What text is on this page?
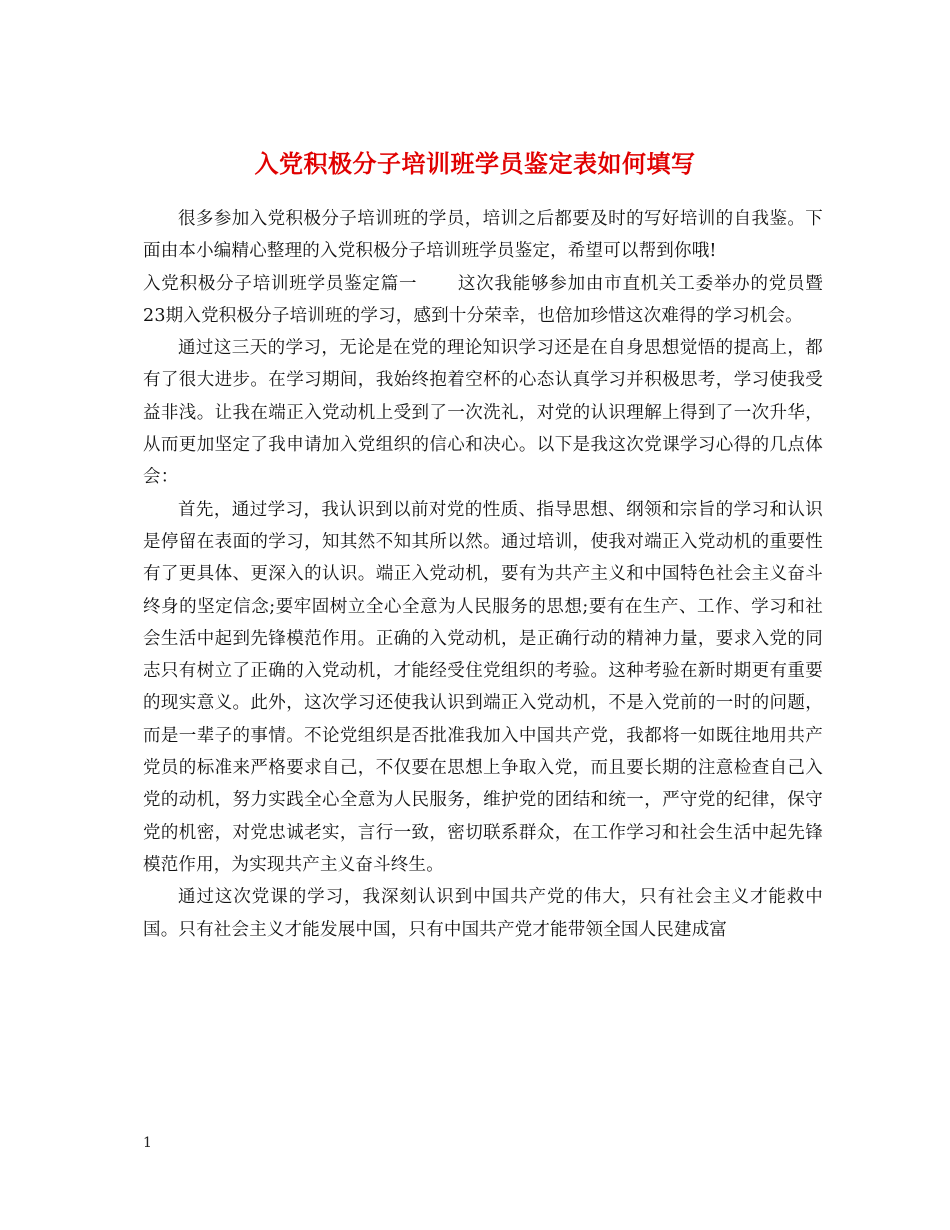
入党积极分子培训班学员鉴定表如何填写

很多参加入党积极分子培训班的学员，培训之后都要及时的写好培训的自我鉴。下面由本小编精心整理的入党积极分子培训班学员鉴定，希望可以帮到你哦!

入党积极分子培训班学员鉴定篇一 这次我能够参加由市直机关工委举办的党员暨23期入党积极分子培训班的学习，感到十分荣幸，也倍加珍惜这次难得的学习机会。

通过这三天的学习，无论是在党的理论知识学习还是在自身思想觉悟的提高上，都有了很大进步。在学习期间，我始终抱着空杯的心态认真学习并积极思考，学习使我受益非浅。让我在端正入党动机上受到了一次洗礼，对党的认识理解上得到了一次升华，从而更加坚定了我申请加入党组织的信心和决心。以下是我这次党课学习心得的几点体会：

首先，通过学习，我认识到以前对党的性质、指导思想、纲领和宗旨的学习和认识是停留在表面的学习，知其然不知其所以然。通过培训，使我对端正入党动机的重要性有了更具体、更深入的认识。端正入党动机，要有为共产主义和中国特色社会主义奋斗终身的坚定信念;要牢固树立全心全意为人民服务的思想;要有在生产、工作、学习和社会生活中起到先锋模范作用。正确的入党动机，是正确行动的精神力量，要求入党的同志只有树立了正确的入党动机，才能经受住党组织的考验。这种考验在新时期更有重要的现实意义。此外，这次学习还使我认识到端正入党动机，不是入党前的一时的问题，而是一辈子的事情。不论党组织是否批准我加入中国共产党，我都将一如既往地用共产党员的标准来严格要求自己，不仅要在思想上争取入党，而且要长期的注意检查自己入党的动机，努力实践全心全意为人民服务，维护党的团结和统一，严守党的纪律，保守党的机密，对党忠诚老实，言行一致，密切联系群众，在工作学习和社会生活中起先锋模范作用，为实现共产主义奋斗终生。

通过这次党课的学习，我深刻认识到中国共产党的伟大，只有社会主义才能救中国。只有社会主义才能发展中国，只有中国共产党才能带领全国人民建成富

1
